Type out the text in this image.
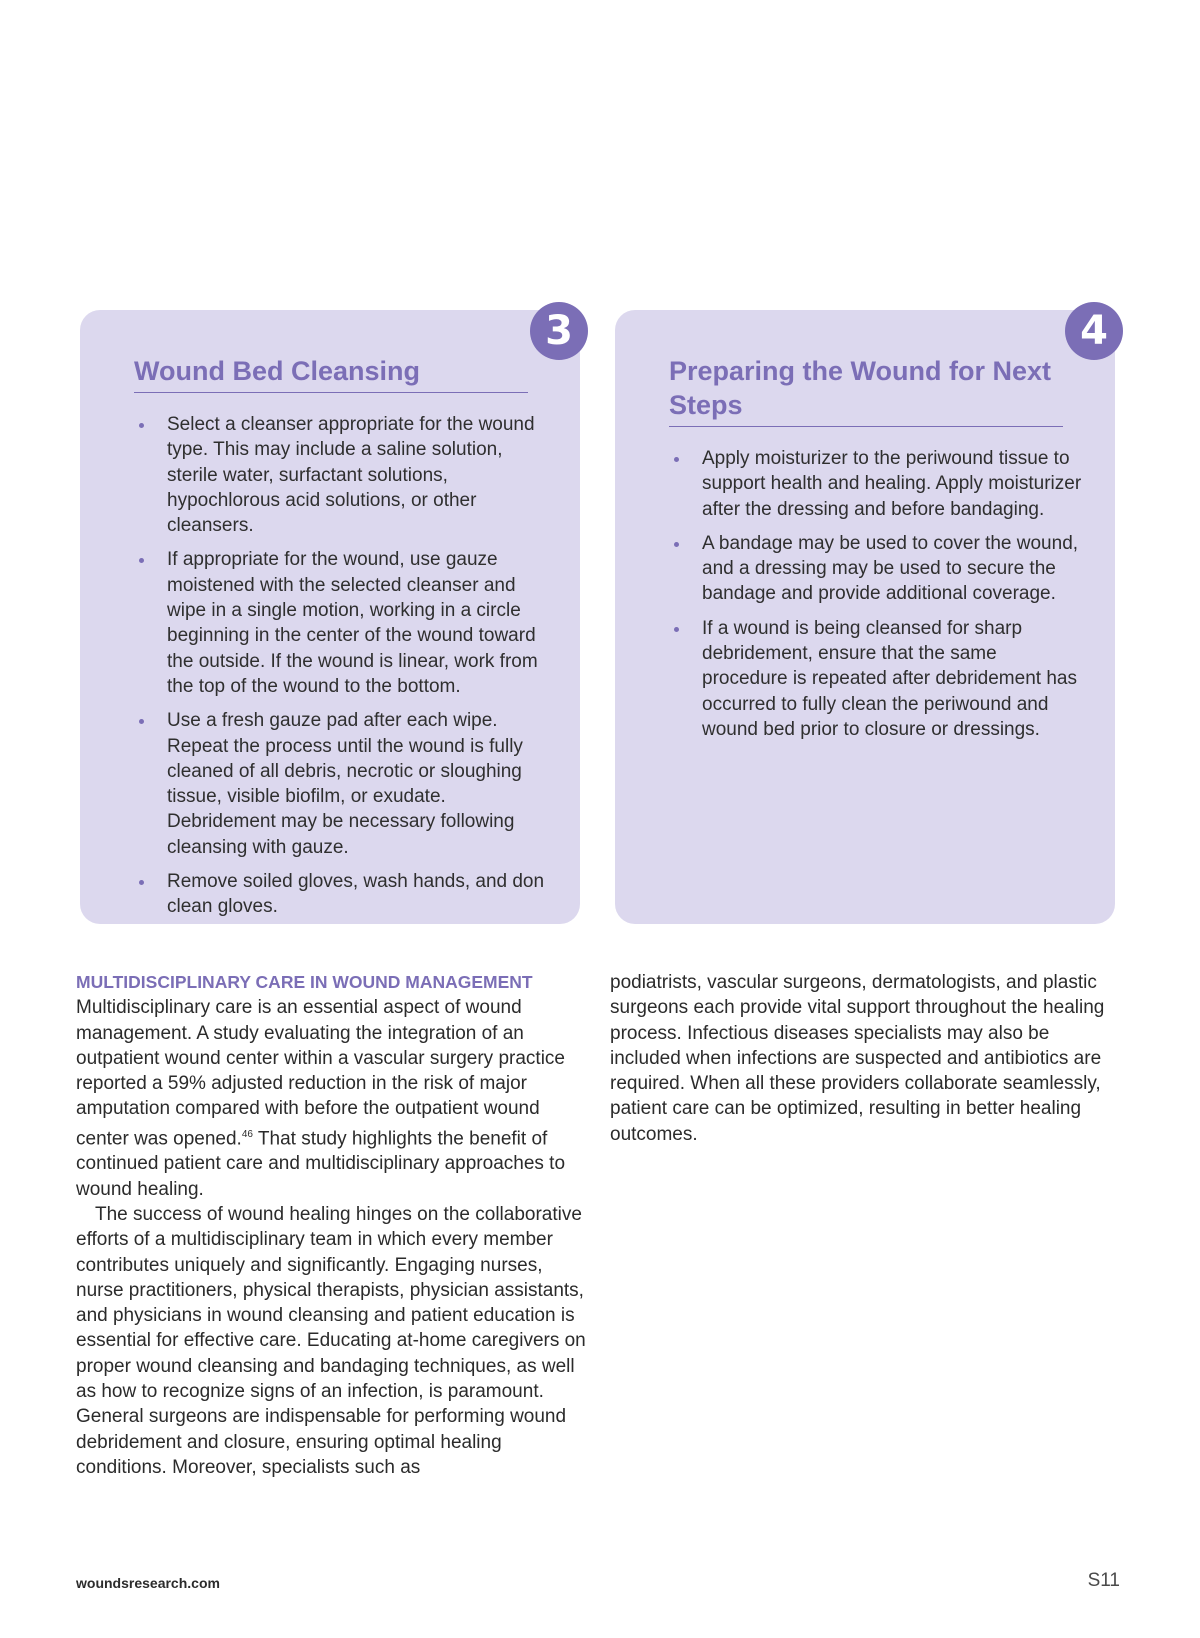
3
Wound Bed Cleansing
Select a cleanser appropriate for the wound type. This may include a saline solution, sterile water, surfactant solutions, hypochlorous acid solutions, or other cleansers.
If appropriate for the wound, use gauze moistened with the selected cleanser and wipe in a single motion, working in a circle beginning in the center of the wound toward the outside. If the wound is linear, work from the top of the wound to the bottom.
Use a fresh gauze pad after each wipe. Repeat the process until the wound is fully cleaned of all debris, necrotic or sloughing tissue, visible biofilm, or exudate. Debridement may be necessary following cleansing with gauze.
Remove soiled gloves, wash hands, and don clean gloves.
4
Preparing the Wound for Next Steps
Apply moisturizer to the periwound tissue to support health and healing. Apply moisturizer after the dressing and before bandaging.
A bandage may be used to cover the wound, and a dressing may be used to secure the bandage and provide additional coverage.
If a wound is being cleansed for sharp debridement, ensure that the same procedure is repeated after debridement has occurred to fully clean the periwound and wound bed prior to closure or dressings.
MULTIDISCIPLINARY CARE IN WOUND MANAGEMENT

Multidisciplinary care is an essential aspect of wound management. A study evaluating the integration of an outpatient wound center within a vascular surgery practice reported a 59% adjusted reduction in the risk of major amputation compared with before the outpatient wound center was opened.$^{46}$ That study highlights the benefit of continued patient care and multidisciplinary approaches to wound healing.

The success of wound healing hinges on the collaborative efforts of a multidisciplinary team in which every member contributes uniquely and significantly. Engaging nurses, nurse practitioners, physical therapists, physician assistants, and physicians in wound cleansing and patient education is essential for effective care. Educating at-home caregivers on proper wound cleansing and bandaging techniques, as well as how to recognize signs of an infection, is paramount. General surgeons are indispensable for performing wound debridement and closure, ensuring optimal healing conditions. Moreover, specialists such as

podiatrists, vascular surgeons, dermatologists, and plastic surgeons each provide vital support throughout the healing process. Infectious diseases specialists may also be included when infections are suspected and antibiotics are required. When all these providers collaborate seamlessly, patient care can be optimized, resulting in better healing outcomes.

woundsresearch.com	S11
